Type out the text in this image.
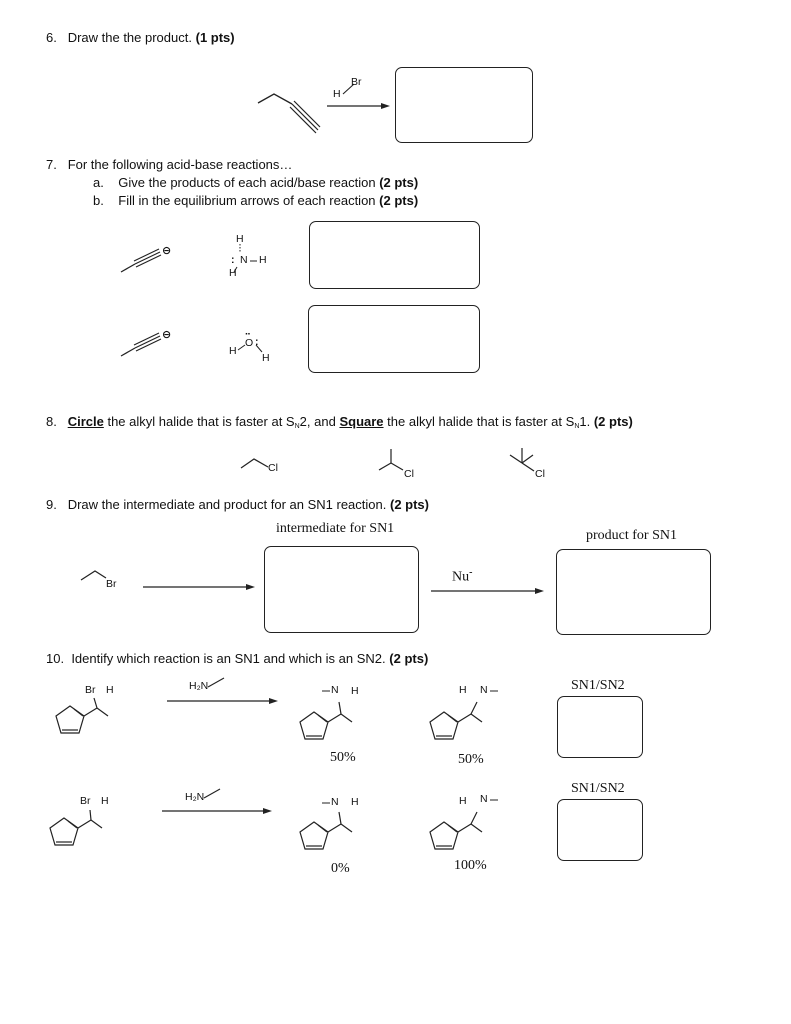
6. Draw the the product. (1 pts)
H
Br
7. For the following acid-base reactions…
a. Give the products of each acid/base reaction (2 pts)
b. Fill in the equilibrium arrows of each reaction (2 pts)
⊖
H
: N H
H
⊖	··
O :
H
H
8. Circle the alkyl halide that is faster at $S_N2$, and Square the alkyl halide that is faster at $S_N1$. (2 pts)
Cl	Cl	Cl
9. Draw the intermediate and product for an SN1 reaction. (2 pts)
intermediate for SN1	product for SN1
Br	Nu-
10. Identify which reaction is an SN1 and which is an SN2. (2 pts)
Br H	H₂N	N H	H N
50%	50%
SN1/SN2
Br H	H₂N	N H	H N
0%	100%
SN1/SN2
